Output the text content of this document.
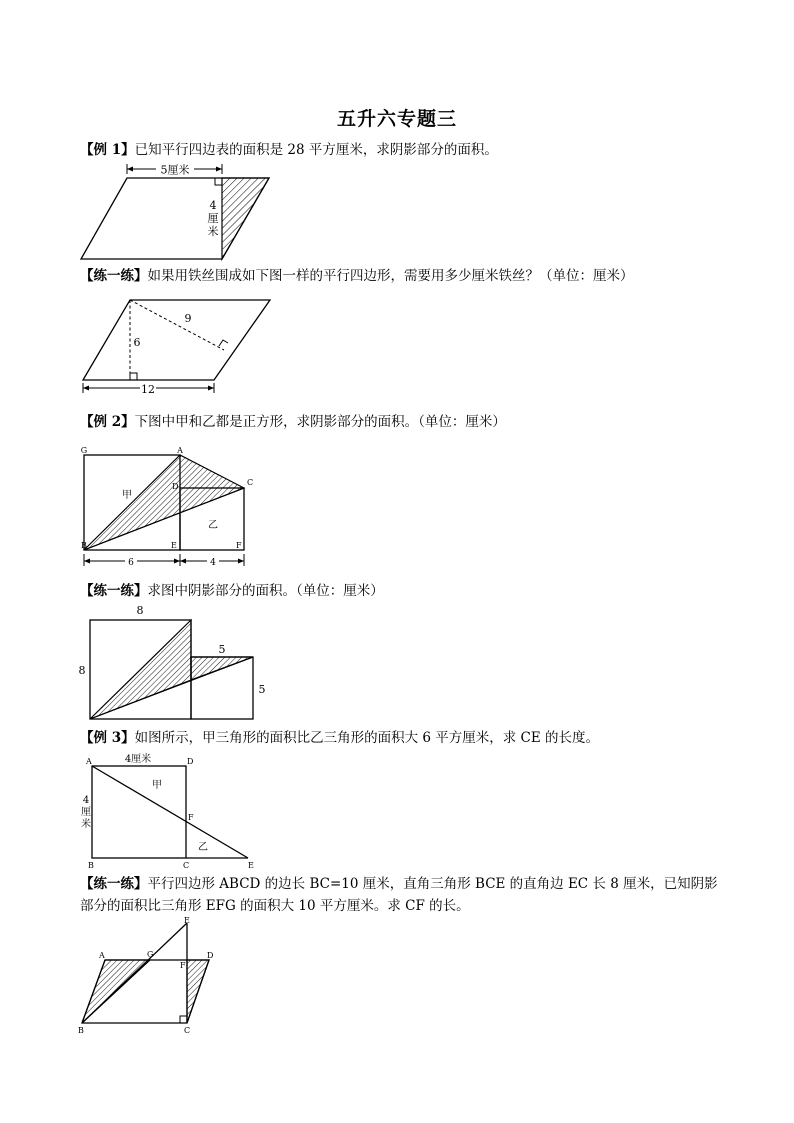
五升六专题三
【例 1】已知平行四边表的面积是 28 平方厘米，求阴影部分的面积。
5厘米
4
厘
米
【练一练】如果用铁丝围成如下图一样的平行四边形，需要用多少厘米铁丝？（单位：厘米）
9
6
12
【例 2】下图中甲和乙都是正方形，求阴影部分的面积。（单位：厘米）
G	A
C
D
B	E	F
甲
乙
6	4
【练一练】求图中阴影部分的面积。（单位：厘米）
8
8
5
5
【例 3】如图所示，甲三角形的面积比乙三角形的面积大 6 平方厘米，求 CE 的长度。
A	D
F
B	C	E
4厘米
4
厘
米
甲
乙
【练一练】平行四边形 ABCD 的边长 BC=10 厘米，直角三角形 BCE 的直角边 EC 长 8 厘米，已知阴影部分的面积比三角形 EFG 的面积大 10 平方厘米。求 CF 的长。
A	G
E
D
F
B	C
